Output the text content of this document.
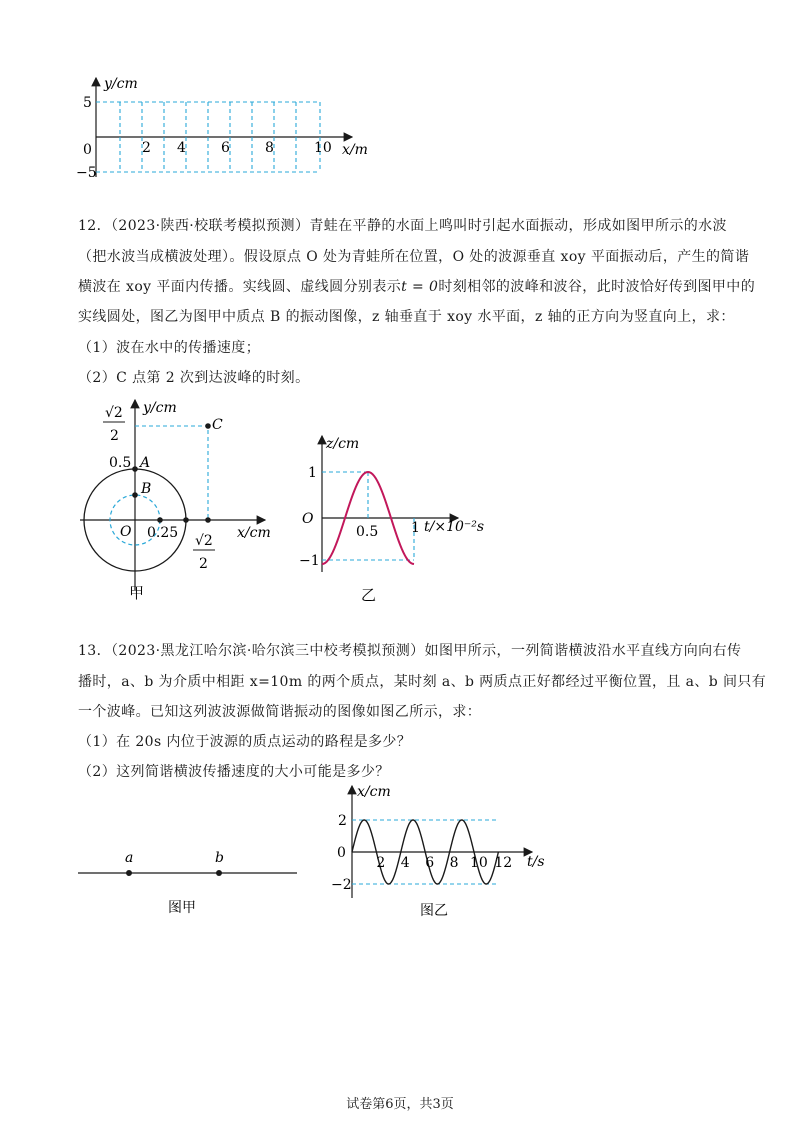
y/cm
x/m
0
5
−5
2 4	6	8	10
12．（2023·陕西·校联考模拟预测）青蛙在平静的水面上鸣叫时引起水面振动，形成如图甲所示的水波
（把水波当成横波处理）。假设原点 O 处为青蛙所在位置，O 处的波源垂直 xoy 平面振动后，产生的简谐
横波在 xoy 平面内传播。实线圆、虚线圆分别表示t = 0时刻相邻的波峰和波谷，此时波恰好传到图甲中的
实线圆处，图乙为图甲中质点 B 的振动图像，z 轴垂直于 xoy 水平面，z 轴的正方向为竖直向上，求：
（1）波在水中的传播速度；
（2）C 点第 2 次到达波峰的时刻。
y/cm
x/cm
√2
2
0.5 A
B
C
O 0.25 √2
2
甲
z/cm
t/×10⁻²s
O
1
−1
0.5 1
乙
13．（2023·黑龙江哈尔滨·哈尔滨三中校考模拟预测）如图甲所示，一列简谐横波沿水平直线方向向右传
播时，a、b 为介质中相距 x=10m 的两个质点，某时刻 a、b 两质点正好都经过平衡位置，且 a、b 间只有
一个波峰。已知这列波波源做简谐振动的图像如图乙所示，求：
（1）在 20s 内位于波源的质点运动的路程是多少？
（2）这列简谐横波传播速度的大小可能是多少？
a	b
图甲
x/cm
t/s
0
2
−2
2 4 6 8 10 12
图乙
试卷第6页，共3页
